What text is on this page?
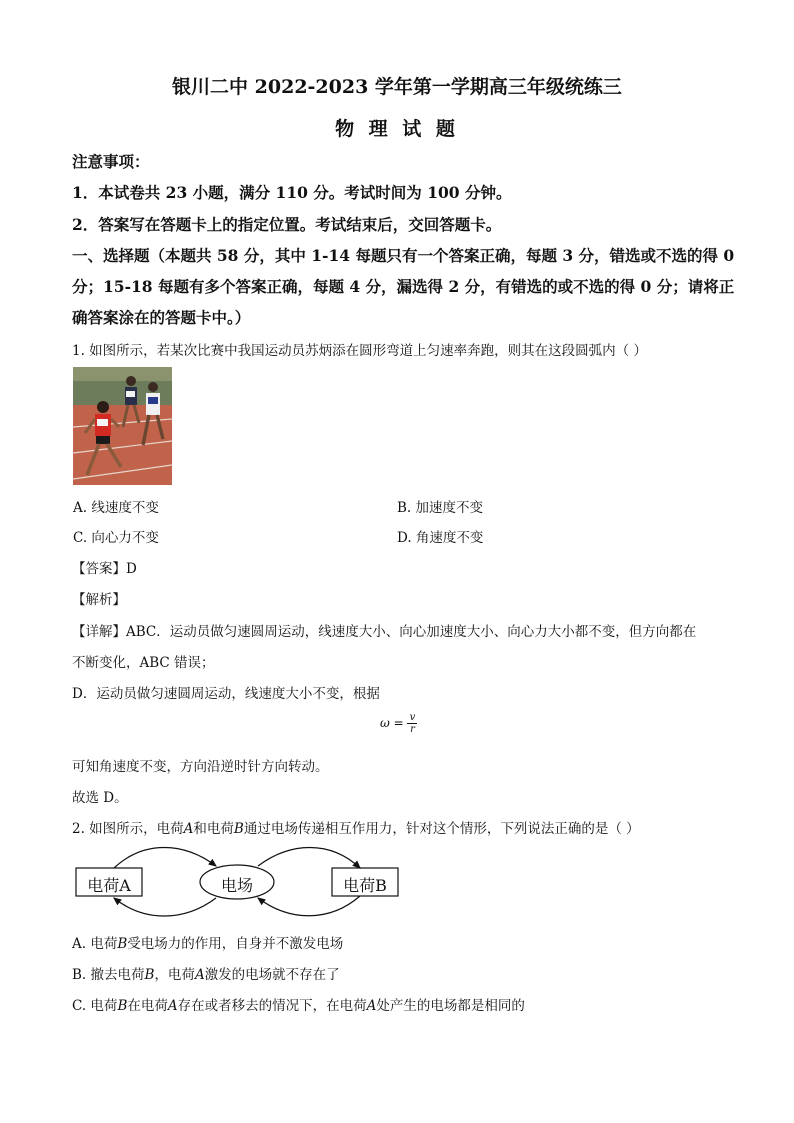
银川二中 2022-2023 学年第一学期高三年级统练三
物 理 试 题
注意事项：
1．本试卷共 23 小题，满分 110 分。考试时间为 100 分钟。
2．答案写在答题卡上的指定位置。考试结束后，交回答题卡。
一、选择题（本题共 58 分，其中 1-14 每题只有一个答案正确，每题 3 分，错选或不选的得 0
分；15-18 每题有多个答案正确，每题 4 分，漏选得 2 分，有错选的或不选的得 0 分；请将正
确答案涂在的答题卡中。）
1. 如图所示，若某次比赛中我国运动员苏炳添在圆形弯道上匀速率奔跑，则其在这段圆弧内（ ）
A. 线速度不变	B. 加速度不变
C. 向心力不变	D. 角速度不变
【答案】D
【解析】
【详解】ABC．运动员做匀速圆周运动，线速度大小、向心加速度大小、向心力大小都不变，但方向都在
不断变化，ABC 错误；
D．运动员做匀速圆周运动，线速度大小不变，根据
$\omega = \frac{v}{r}$
可知角速度不变，方向沿逆时针方向转动。
故选 D。
2. 如图所示，电荷A和电荷B通过电场传递相互作用力，针对这个情形，下列说法正确的是（ ）
电荷A	电场	电荷B
A. 电荷B受电场力的作用，自身并不激发电场
B. 撤去电荷B，电荷A激发的电场就不存在了
C. 电荷B在电荷A存在或者移去的情况下，在电荷A处产生的电场都是相同的
